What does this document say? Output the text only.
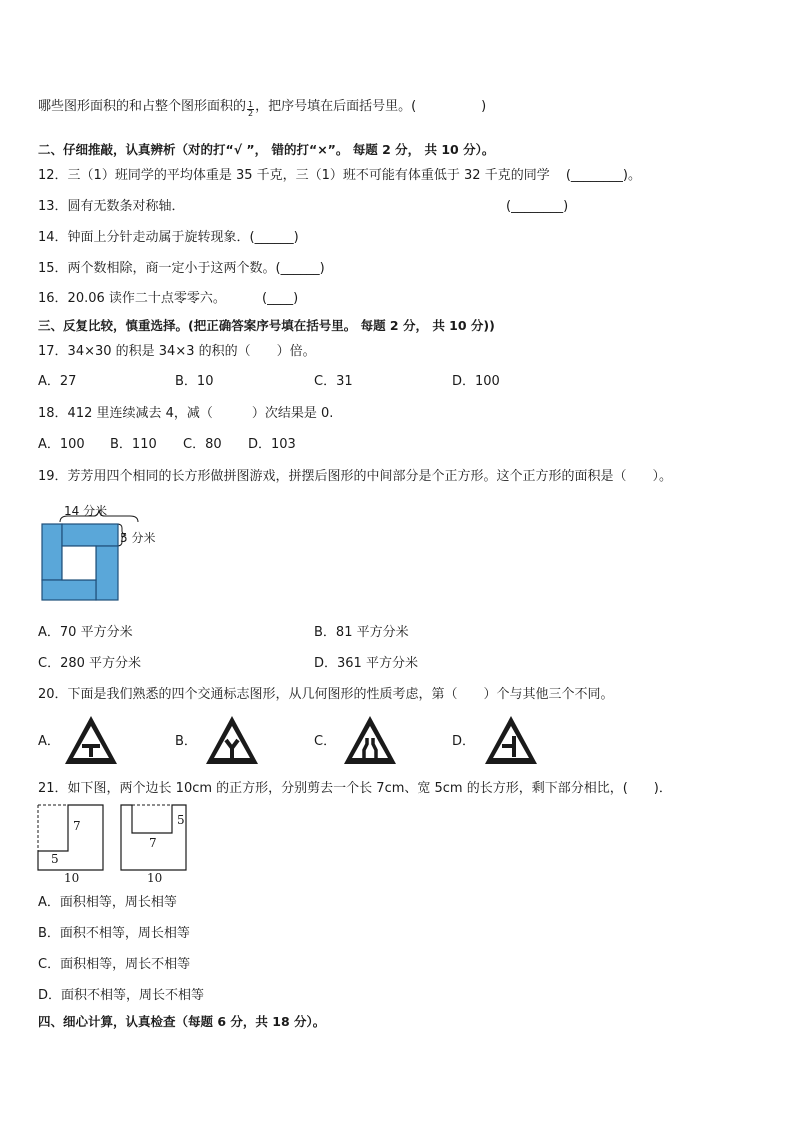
哪些图形面积的和占整个图形面积的 $\frac{1}{2}$ ，把序号填在后面括号里。(　　　　　)
二、仔细推敲，认真辨析（对的打“√ ”， 错的打“×”。 每题 2 分， 共 10 分）。
12．三（1）班同学的平均体重是 35 千克，三（1）班不可能有体重低于 32 千克的同学 (________)。
13．圆有无数条对称轴．	(________)
14．钟面上分针走动属于旋转现象．(______)
15．两个数相除，商一定小于这两个数。(______)
16．20.06 读作二十点零零六。	(____)
三、反复比较，慎重选择。(把正确答案序号填在括号里。 每题 2 分， 共 10 分))
17．34×30 的积是 34×3 的积的（　　）倍。
A．27	B．10	C．31	D．100
18．412 里连续减去 4，减（　　　）次结果是 0.
A．100 B．110 C．80 D．103
19．芳芳用四个相同的长方形做拼图游戏，拼摆后图形的中间部分是个正方形。这个正方形的面积是（　　）。
14 分米
5 分米
A．70 平方分米	B．81 平方分米
C．280 平方分米	D．361 平方分米
20．下面是我们熟悉的四个交通标志图形，从几何图形的性质考虑，第（　　）个与其他三个不同。
A．	B．	C．	D．
21．如下图，两个边长 10cm 的正方形，分别剪去一个长 7cm、宽 5cm 的长方形，剩下部分相比，(　　)．
7
5
10
5
7
10
A．面积相等，周长相等
B．面积不相等，周长相等
C．面积相等，周长不相等
D．面积不相等，周长不相等
四、细心计算，认真检查（每题 6 分，共 18 分）。
